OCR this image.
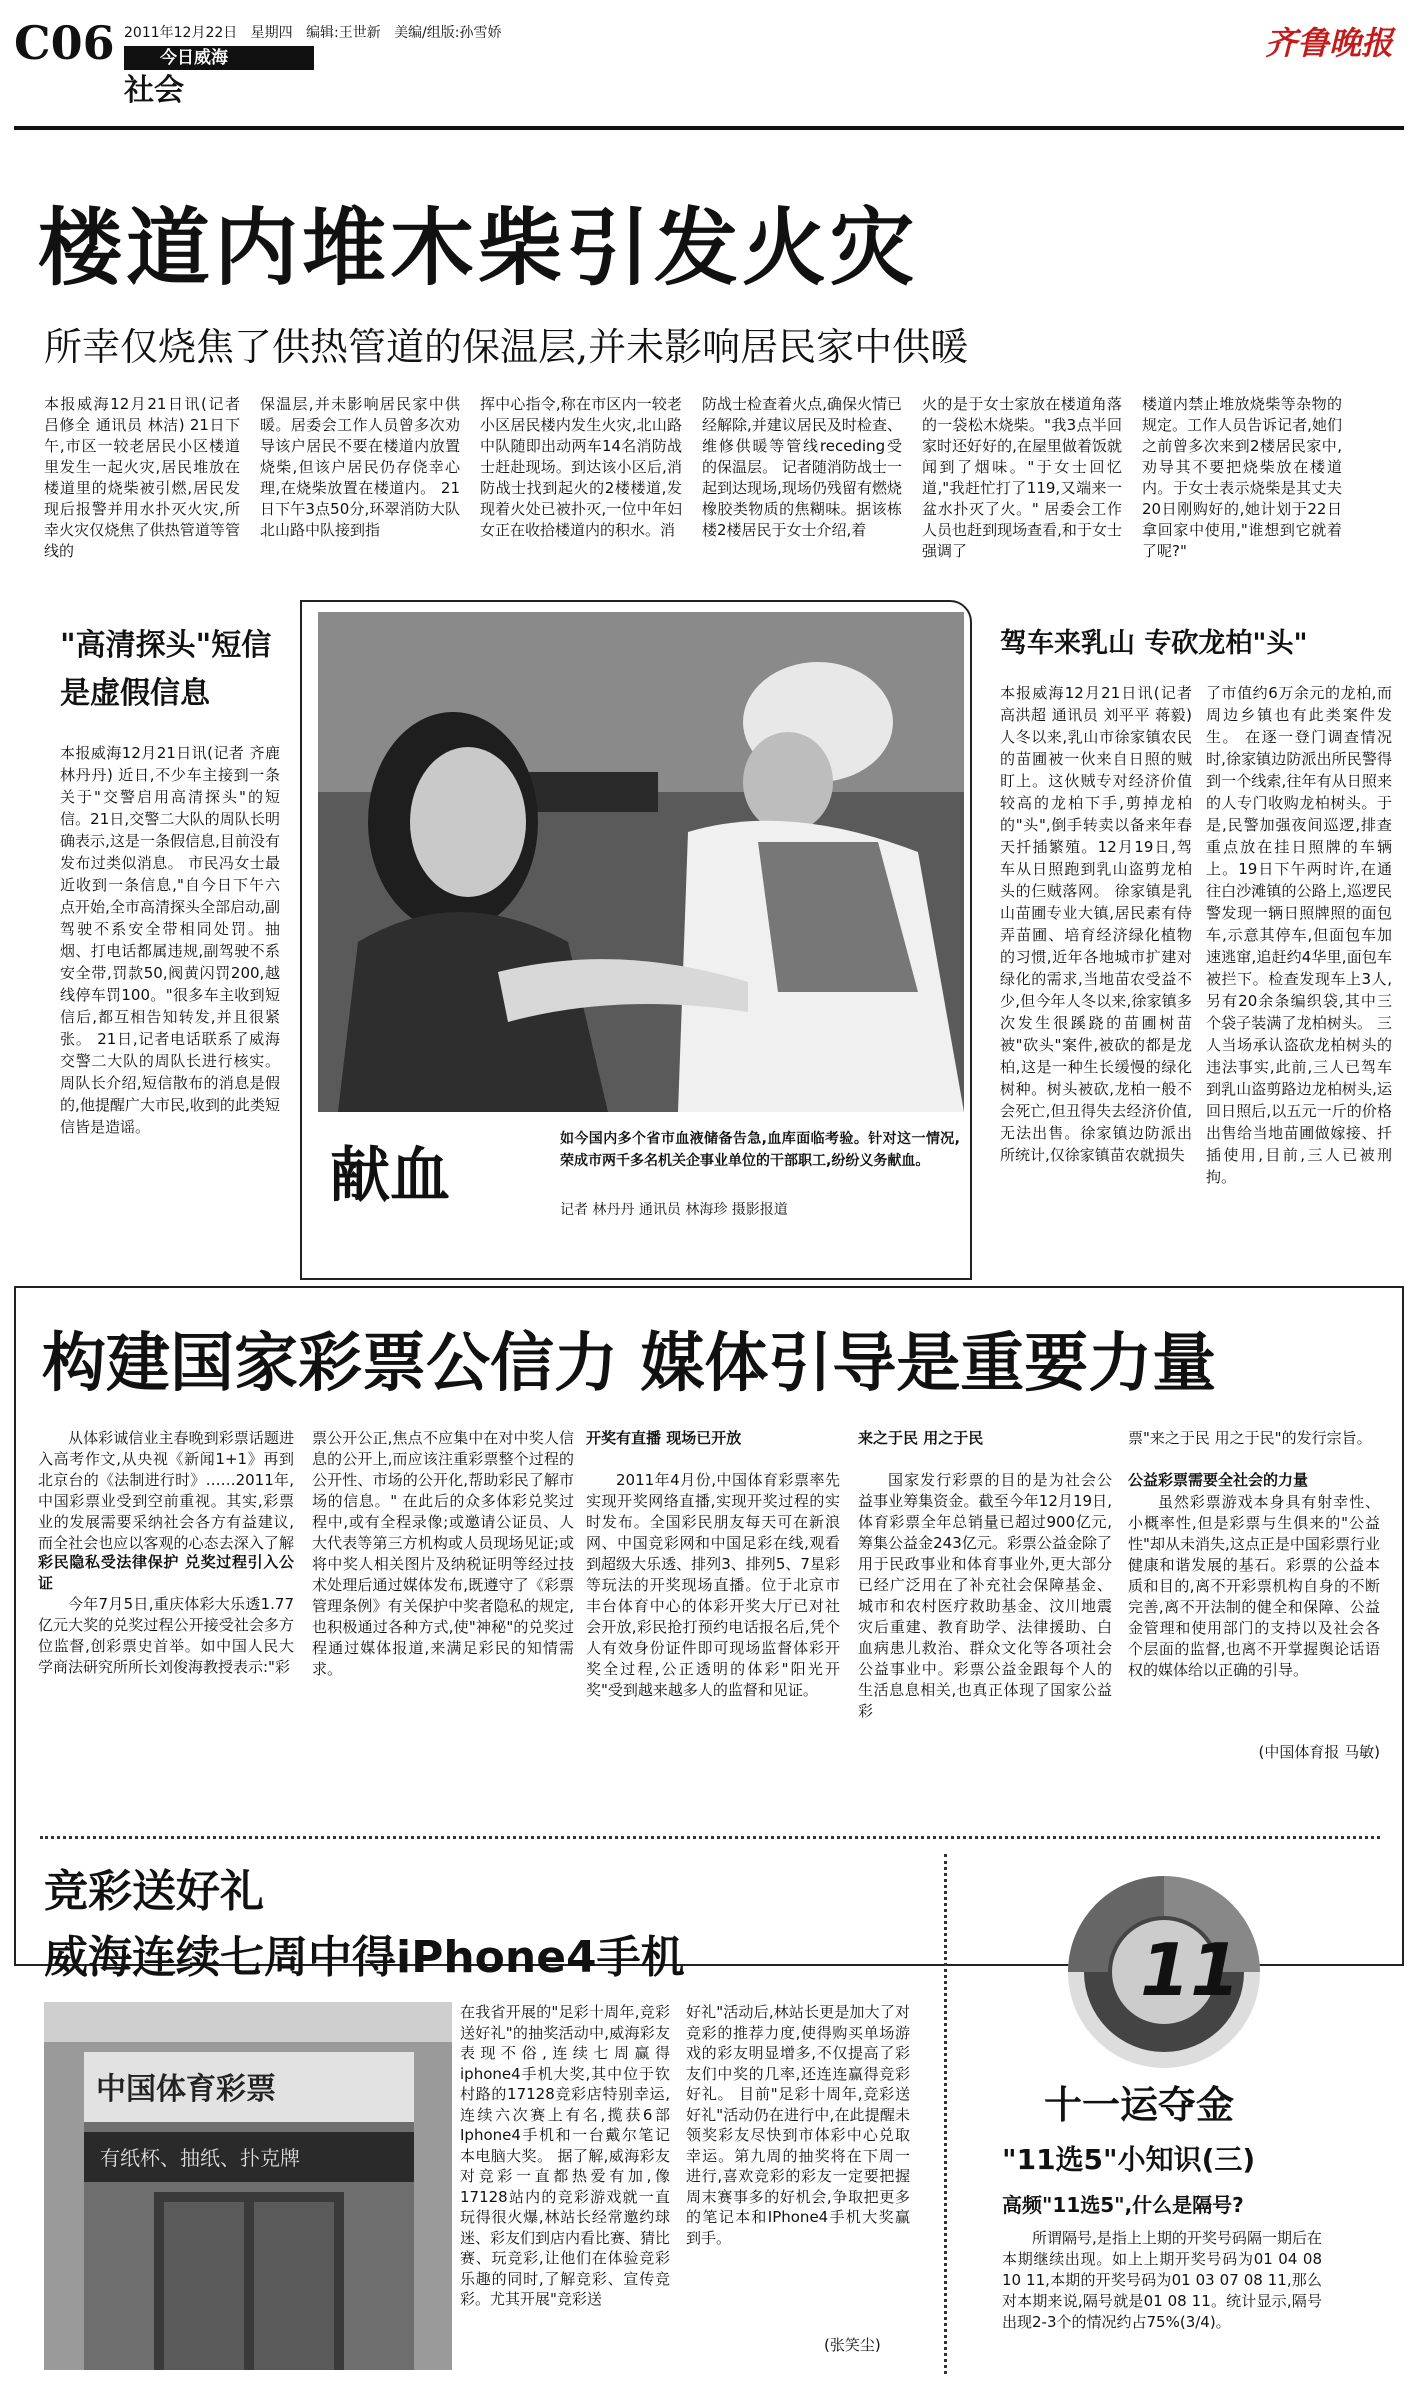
C06 2011年12月22日 星期四 编辑:王世新 美编/组版:孙雪娇
今日威海
社会
齐鲁晚报
楼道内堆木柴引发火灾
所幸仅烧焦了供热管道的保温层,并未影响居民家中供暖
本报威海12月21日讯(记者 吕修全 通讯员 林洁) 21日下午,市区一较老居民小区楼道里发生一起火灾,居民堆放在楼道里的烧柴被引燃,居民发现后报警并用水扑灭火灾,所幸火灾仅烧焦了供热管道等管线的
保温层,并未影响居民家中供暖。居委会工作人员曾多次劝导该户居民不要在楼道内放置烧柴,但该户居民仍存侥幸心理,在烧柴放置在楼道内。 21日下午3点50分,环翠消防大队北山路中队接到指
挥中心指令,称在市区内一较老小区居民楼内发生火灾,北山路中队随即出动两车14名消防战士赶赴现场。到达该小区后,消防战士找到起火的2楼楼道,发现着火处已被扑灭,一位中年妇女正在收拾楼道内的积水。消
防战士检查着火点,确保火情已经解除,并建议居民及时检查、维修供暖等管线receding受的保温层。 记者随消防战士一起到达现场,现场仍残留有燃烧橡胶类物质的焦糊味。据该栋楼2楼居民于女士介绍,着
火的是于女士家放在楼道角落的一袋松木烧柴。"我3点半回家时还好好的,在屋里做着饭就闻到了烟味。"于女士回忆道,"我赶忙打了119,又端来一盆水扑灭了火。" 居委会工作人员也赶到现场查看,和于女士强调了
楼道内禁止堆放烧柴等杂物的规定。工作人员告诉记者,她们之前曾多次来到2楼居民家中,劝导其不要把烧柴放在楼道内。于女士表示烧柴是其丈夫20日刚购好的,她计划于22日拿回家中使用,"谁想到它就着了呢?"
"高清探头"短信
是虚假信息
本报威海12月21日讯(记者 齐鹿 林丹丹) 近日,不少车主接到一条关于"交警启用高清探头"的短信。21日,交警二大队的周队长明确表示,这是一条假信息,目前没有发布过类似消息。 市民冯女士最近收到一条信息,"自今日下午六点开始,全市高清探头全部启动,副驾驶不系安全带相同处罚。抽烟、打电话都属违规,副驾驶不系安全带,罚款50,阀黄闪罚200,越线停车罚100。"很多车主收到短信后,都互相告知转发,并且很紧张。 21日,记者电话联系了威海交警二大队的周队长进行核实。周队长介绍,短信散布的消息是假的,他提醒广大市民,收到的此类短信皆是造谣。
献血
如今国内多个省市血液储备告急,血库面临考验。针对这一情况,荣成市两千多名机关企事业单位的干部职工,纷纷义务献血。
记者 林丹丹 通讯员 林海珍 摄影报道
驾车来乳山 专砍龙柏"头"
本报威海12月21日讯(记者 高洪超 通讯员 刘平平 蒋毅) 人冬以来,乳山市徐家镇农民的苗圃被一伙来自日照的贼盯上。这伙贼专对经济价值较高的龙柏下手,剪掉龙柏的"头",倒手转卖以备来年春天扦插繁殖。12月19日,驾车从日照跑到乳山盗剪龙柏头的仨贼落网。 徐家镇是乳山苗圃专业大镇,居民素有侍弄苗圃、培育经济绿化植物的习惯,近年各地城市扩建对绿化的需求,当地苗农受益不少,但今年人冬以来,徐家镇多次发生很蹊跷的苗圃树苗被"砍头"案件,被砍的都是龙柏,这是一种生长缓慢的绿化树种。树头被砍,龙柏一般不会死亡,但丑得失去经济价值,无法出售。徐家镇边防派出所统计,仅徐家镇苗农就损失
了市值约6万余元的龙柏,而周边乡镇也有此类案件发生。 在逐一登门调查情况时,徐家镇边防派出所民警得到一个线索,往年有从日照来的人专门收购龙柏树头。于是,民警加强夜间巡逻,排查重点放在挂日照牌的车辆上。19日下午两时许,在通往白沙滩镇的公路上,巡逻民警发现一辆日照牌照的面包车,示意其停车,但面包车加速逃窜,追赶约4华里,面包车被拦下。检查发现车上3人,另有20余条编织袋,其中三个袋子装满了龙柏树头。 三人当场承认盗砍龙柏树头的违法事实,此前,三人已驾车到乳山盗剪路边龙柏树头,运回日照后,以五元一斤的价格出售给当地苗圃做嫁接、扦插使用,目前,三人已被刑拘。
构建国家彩票公信力 媒体引导是重要力量
从体彩诚信业主春晚到彩票话题进入高考作文,从央视《新闻1+1》再到北京台的《法制进行时》……2011年,中国彩票业受到空前重视。其实,彩票业的发展需要采纳社会各方有益建议,而全社会也应以客观的心态去深入了解
彩民隐私受法律保护 兑奖过程引入公证
今年7月5日,重庆体彩大乐透1.77亿元大奖的兑奖过程公开接受社会多方位监督,创彩票史首举。如中国人民大学商法研究所所长刘俊海教授表示:"彩
票公开公正,焦点不应集中在对中奖人信息的公开上,而应该注重彩票整个过程的公开性、市场的公开化,帮助彩民了解市场的信息。" 在此后的众多体彩兑奖过程中,或有全程录像;或邀请公证员、人大代表等第三方机构或人员现场见证;或将中奖人相关图片及纳税证明等经过技术处理后通过媒体发布,既遵守了《彩票管理条例》有关保护中奖者隐私的规定,也积极通过各种方式,使"神秘"的兑奖过程通过媒体报道,来满足彩民的知情需求。
开奖有直播 现场已开放
2011年4月份,中国体育彩票率先实现开奖网络直播,实现开奖过程的实时发布。全国彩民朋友每天可在新浪网、中国竞彩网和中国足彩在线,观看到超级大乐透、排列3、排列5、7星彩等玩法的开奖现场直播。位于北京市丰台体育中心的体彩开奖大厅已对社会开放,彩民抢打预约电话报名后,凭个人有效身份证件即可现场监督体彩开奖全过程,公正透明的体彩"阳光开奖"受到越来越多人的监督和见证。
来之于民 用之于民
国家发行彩票的目的是为社会公益事业筹集资金。截至今年12月19日,体育彩票全年总销量已超过900亿元,筹集公益金243亿元。彩票公益金除了用于民政事业和体育事业外,更大部分已经广泛用在了补充社会保障基金、城市和农村医疗救助基金、汶川地震灾后重建、教育助学、法律援助、白血病患儿救治、群众文化等各项社会公益事业中。彩票公益金跟每个人的生活息息相关,也真正体现了国家公益彩
票"来之于民 用之于民"的发行宗旨。
公益彩票需要全社会的力量
虽然彩票游戏本身具有射幸性、小概率性,但是彩票与生俱来的"公益性"却从未消失,这点正是中国彩票行业健康和谐发展的基石。彩票的公益本质和目的,离不开彩票机构自身的不断完善,离不开法制的健全和保障、公益金管理和使用部门的支持以及社会各个层面的监督,也离不开掌握舆论话语权的媒体给以正确的引导。
(中国体育报 马敏)
竞彩送好礼
威海连续七周中得iPhone4手机
中国体育彩票
有纸杯、抽纸、扑克牌
在我省开展的"足彩十周年,竞彩送好礼"的抽奖活动中,威海彩友表现不俗,连续七周赢得iphone4手机大奖,其中位于钦村路的17128竞彩店特别幸运,连续六次赛上有名,揽获6部Iphone4手机和一台戴尔笔记本电脑大奖。 据了解,威海彩友对竞彩一直都热爱有加,像17128站内的竞彩游戏就一直玩得很火爆,林站长经常邀约球迷、彩友们到店内看比赛、猜比赛、玩竞彩,让他们在体验竞彩乐趣的同时,了解竞彩、宣传竞彩。尤其开展"竞彩送
好礼"活动后,林站长更是加大了对竞彩的推荐力度,使得购买单场游戏的彩友明显增多,不仅提高了彩友们中奖的几率,还连连赢得竞彩好礼。 目前"足彩十周年,竞彩送好礼"活动仍在进行中,在此提醒未领奖彩友尽快到市体彩中心兑取幸运。第九周的抽奖将在下周一进行,喜欢竞彩的彩友一定要把握周末赛事多的好机会,争取把更多的笔记本和IPhone4手机大奖赢到手。
(张笑尘)
11
十一运夺金
"11选5"小知识(三)
高频"11选5",什么是隔号?
所谓隔号,是指上上期的开奖号码隔一期后在本期继续出现。如上上期开奖号码为01 04 08 10 11,本期的开奖号码为01 03 07 08 11,那么对本期来说,隔号就是01 08 11。统计显示,隔号出现2-3个的情况约占75%(3/4)。
